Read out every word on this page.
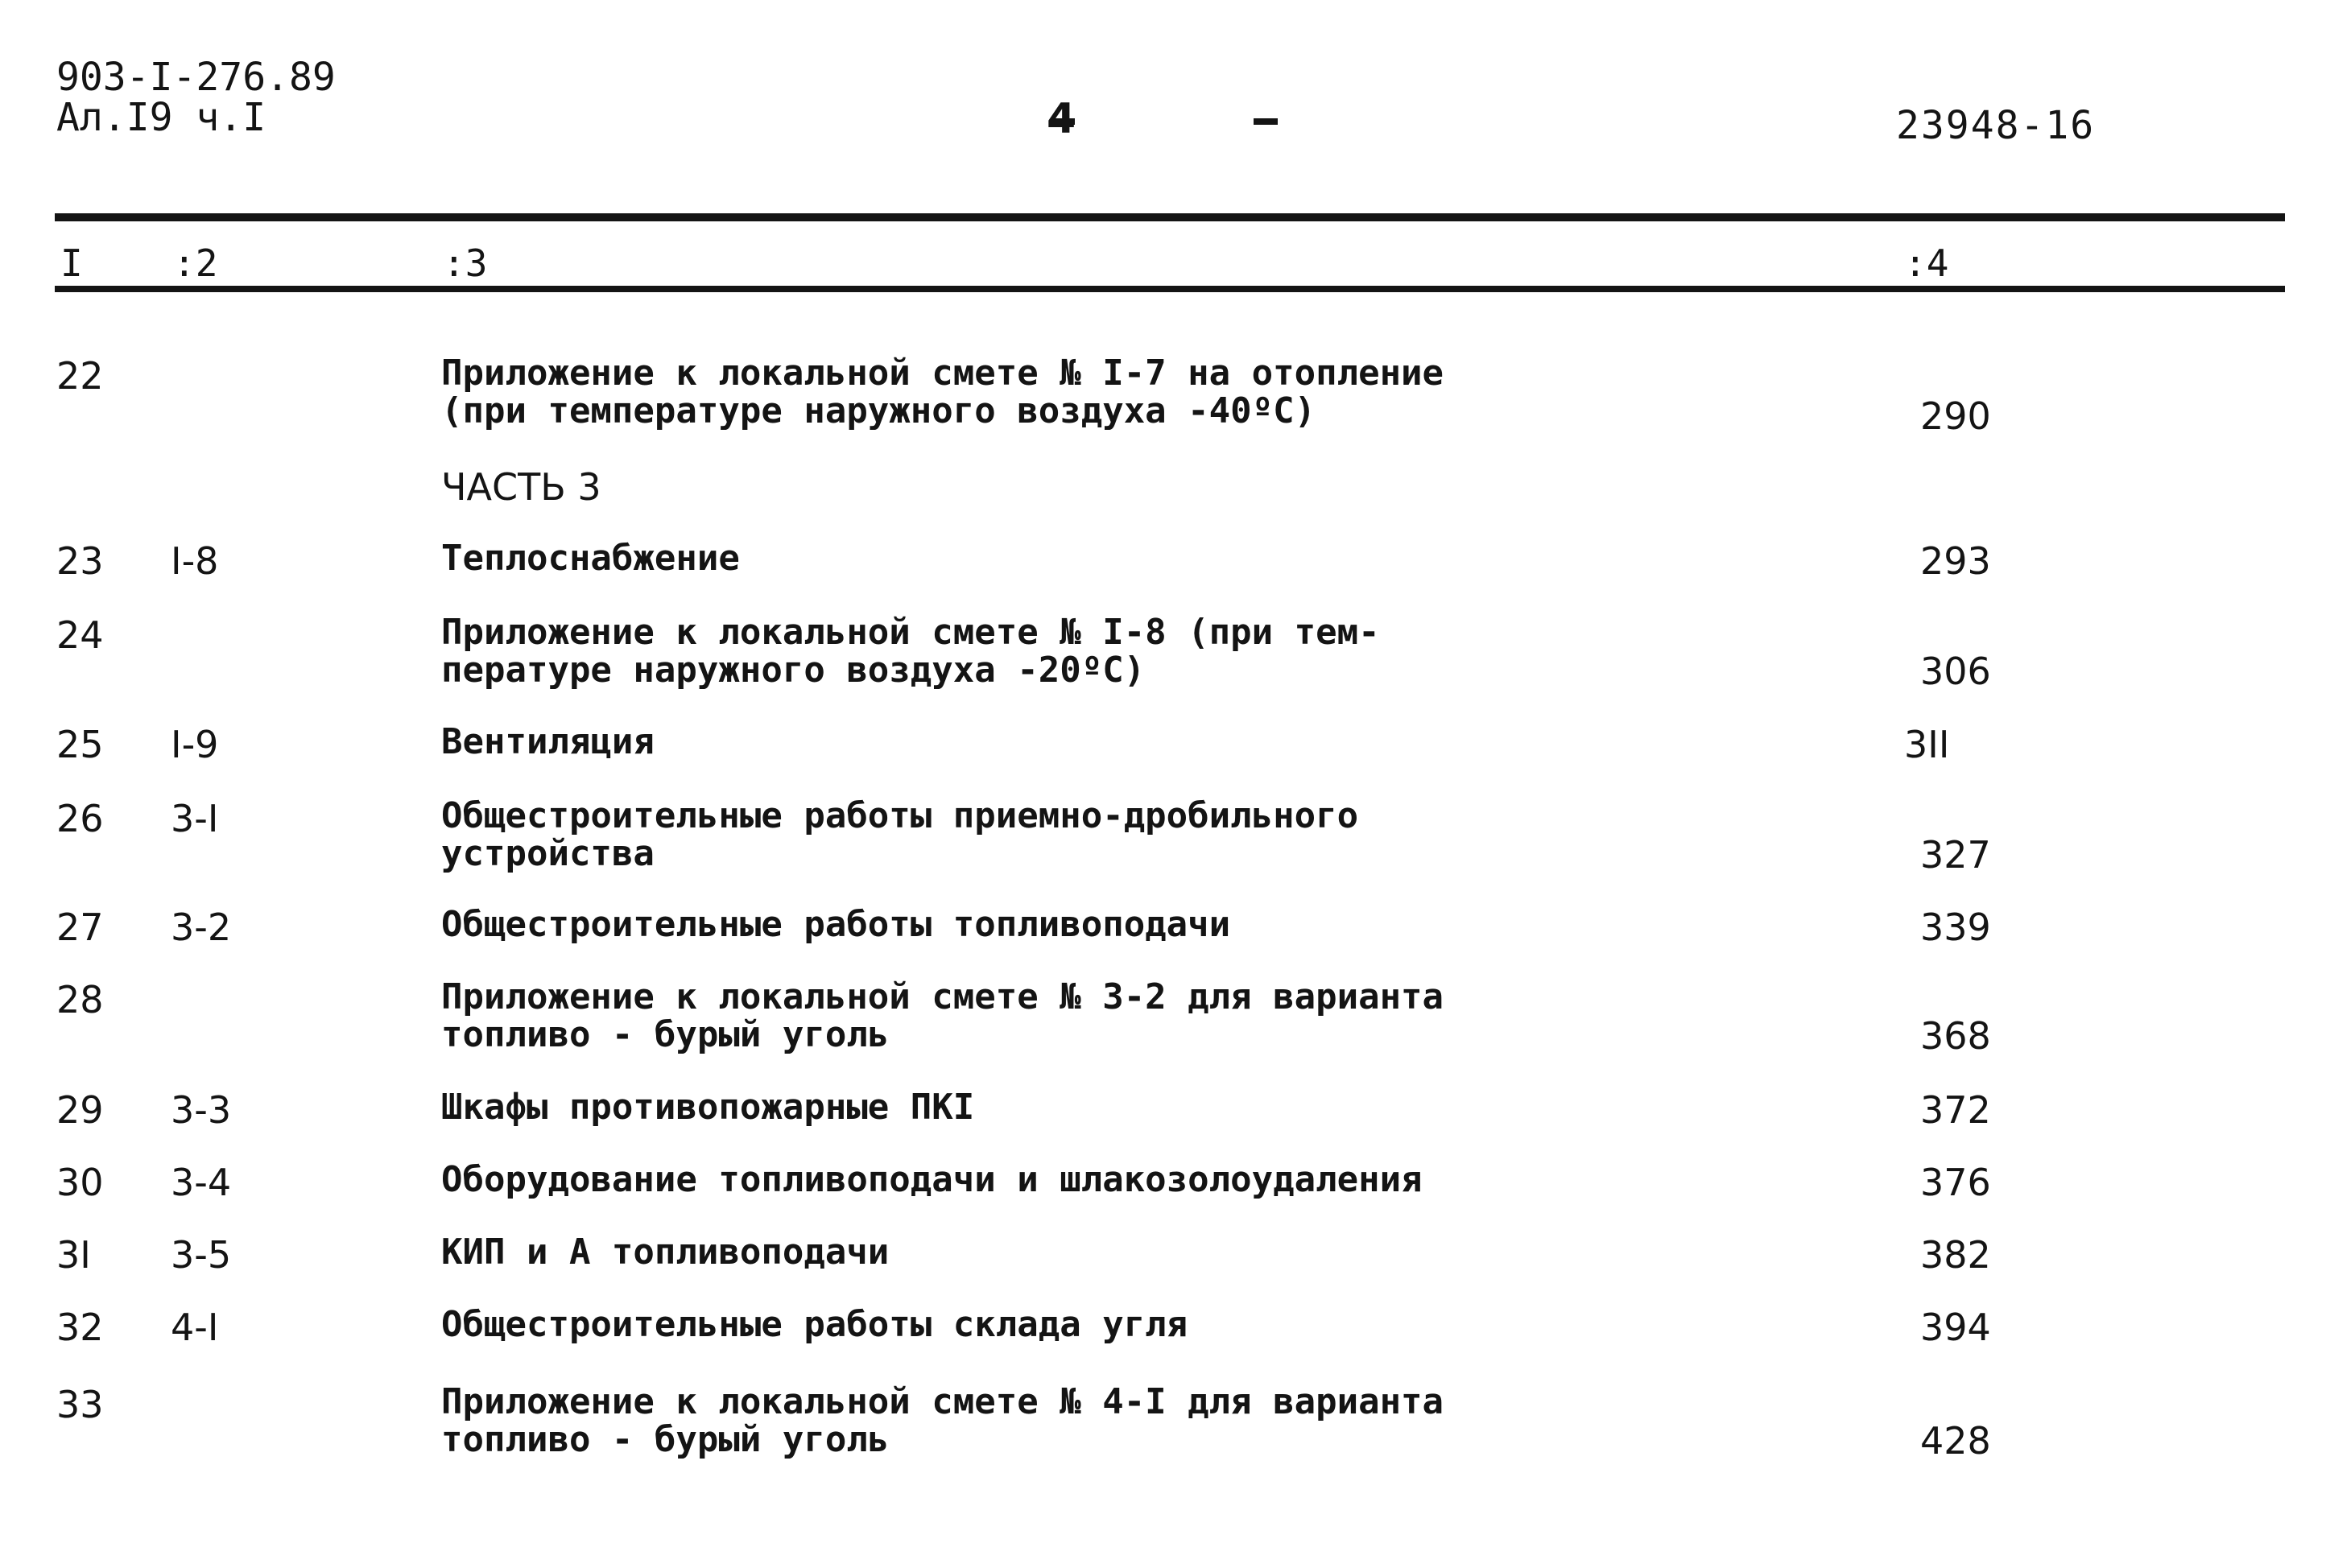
903-I-276.89
Ал.I9 ч.I	4	23948-16
I :2	:3	:4
22	Приложение к локальной смете № I-7 на отопление
(при температуре наружного воздуха -40ºC)	290
ЧАСТЬ 3
23 I-8	Теплоснабжение	293
24	Приложение к локальной смете № I-8 (при тем-
пературе наружного воздуха -20ºC)	306
25 I-9	Вентиляция	3II
26 3-I	Общестроительные работы приемно-дробильного
устройства	327
27 3-2	Общестроительные работы топливоподачи	339
28	Приложение к локальной смете № 3-2 для варианта
топливо - бурый уголь	368
29 3-3	Шкафы противопожарные ПКI	372
30 3-4	Оборудование топливоподачи и шлакозолоудаления	376
3I 3-5	КИП и А топливоподачи	382
32 4-I	Общестроительные работы склада угля	394
33	Приложение к локальной смете № 4-I для варианта
топливо - бурый уголь	428
